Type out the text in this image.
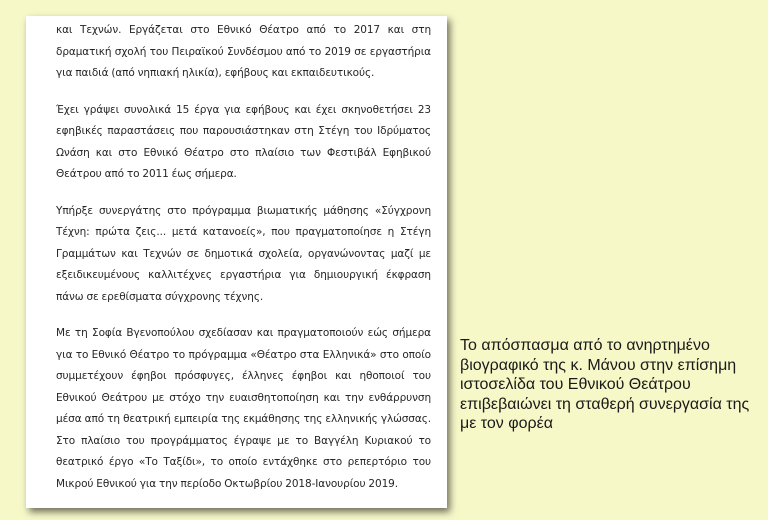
και Τεχνών. Εργάζεται στο Εθνικό Θέατρο από το 2017 και στη δραματική σχολή του Πειραϊκού Συνδέσμου από το 2019 σε εργαστήρια για παιδιά (από νηπιακή ηλικία), εφήβους και εκπαιδευτικούς.

Έχει γράψει συνολικά 15 έργα για εφήβους και έχει σκηνοθετήσει 23 εφηβικές παραστάσεις που παρουσιάστηκαν στη Στέγη του Ιδρύματος Ωνάση και στο Εθνικό Θέατρο στο πλαίσιο των Φεστιβάλ Εφηβικού Θεάτρου από το 2011 έως σήμερα.

Υπήρξε συνεργάτης στο πρόγραμμα βιωματικής μάθησης «Σύγχρονη Τέχνη: πρώτα ζεις... μετά κατανοείς», που πραγματοποίησε η Στέγη Γραμμάτων και Τεχνών σε δημοτικά σχολεία, οργανώνοντας μαζί με εξειδικευμένους καλλιτέχνες εργαστήρια για δημιουργική έκφραση πάνω σε ερεθίσματα σύγχρονης τέχνης.

Με τη Σοφία Βγενοπούλου σχεδίασαν και πραγματοποιούν εώς σήμερα για το Εθνικό Θέατρο το πρόγραμμα «Θέατρο στα Ελληνικά» στο οποίο συμμετέχουν έφηβοι πρόσφυγες, έλληνες έφηβοι και ηθοποιοί του Εθνικού Θεάτρου με στόχο την ευαισθητοποίηση και την ενθάρρυνση μέσα από τη θεατρική εμπειρία της εκμάθησης της ελληνικής γλώσσας. Στο πλαίσιο του προγράμματος έγραψε με το Βαγγέλη Κυριακού το θεατρικό έργο «Το Ταξίδι», το οποίο εντάχθηκε στο ρεπερτόριο του Μικρού Εθνικού για την περίοδο Οκτωβρίου 2018-Ιανουρίου 2019.

Το απόσπασμα από το ανηρτημένο βιογραφικό της κ. Μάνου στην επίσημη ιστοσελίδα του Εθνικού Θεάτρου επιβεβαιώνει τη σταθερή συνεργασία της με τον φορέα
